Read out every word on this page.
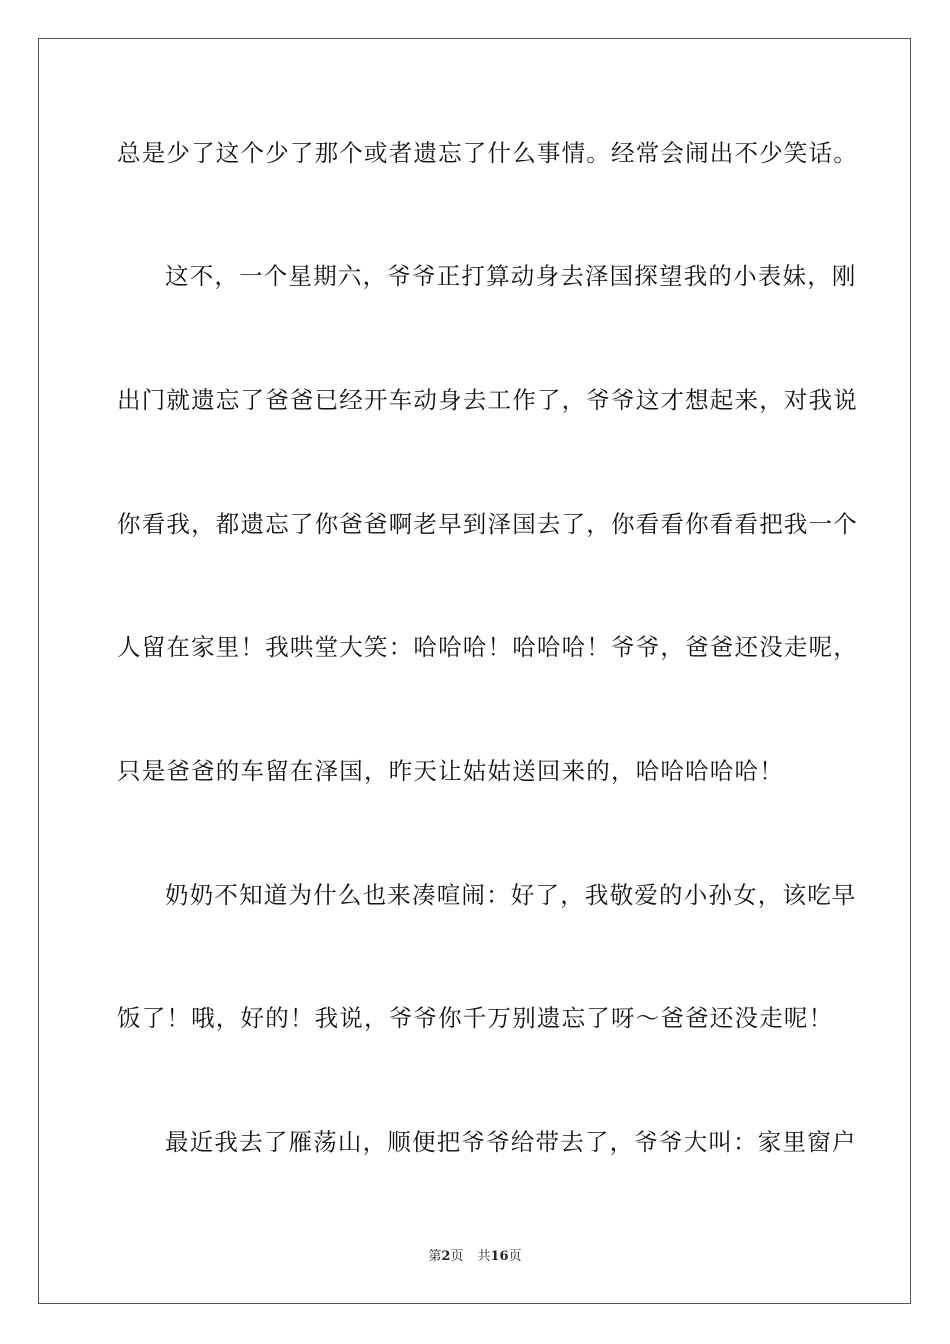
总是少了这个少了那个或者遗忘了什么事情。经常会闹出不少笑话。
这不，一个星期六，爷爷正打算动身去泽国探望我的小表妹，刚
出门就遗忘了爸爸已经开车动身去工作了，爷爷这才想起来，对我说
你看我，都遗忘了你爸爸啊老早到泽国去了，你看看你看看把我一个
人留在家里！我哄堂大笑：哈哈哈！哈哈哈！爷爷，爸爸还没走呢，
只是爸爸的车留在泽国，昨天让姑姑送回来的，哈哈哈哈哈！
奶奶不知道为什么也来凑喧闹：好了，我敬爱的小孙女，该吃早
饭了！哦，好的！我说，爷爷你千万别遗忘了呀～爸爸还没走呢！
最近我去了雁荡山，顺便把爷爷给带去了，爷爷大叫：家里窗户
第2页 共16页
